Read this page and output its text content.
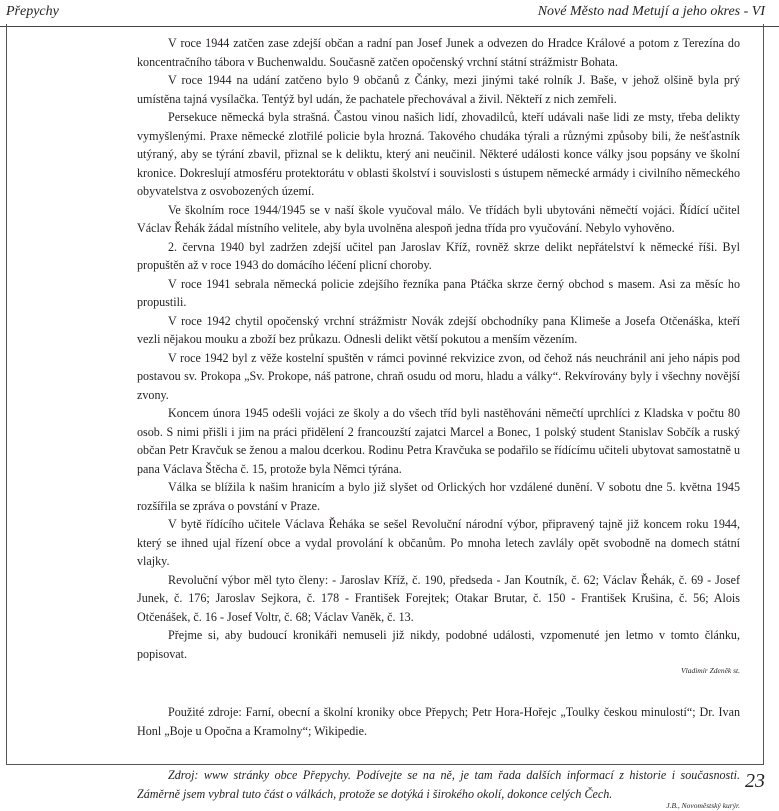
Přepychy	Nové Město nad Metují a jeho okres - VI

V roce 1944 zatčen zase zdejší občan a radní pan Josef Junek a odvezen do Hradce Králové a potom z Terezína do koncentračního tábora v Buchenwaldu. Současně zatčen opočenský vrchní státní strážmistr Bohata.

V roce 1944 na udání zatčeno bylo 9 občanů z Čánky, mezi jinými také rolník J. Baše, v jehož olšině byla prý umístěna tajná vysílačka. Tentýž byl udán, že pachatele přechovával a živil. Někteří z nich zemřeli.

Persekuce německá byla strašná. Častou vinou našich lidí, zhovadilců, kteří udávali naše lidi ze msty, třeba delikty vymyšlenými. Praxe německé zlotřilé policie byla hrozná. Takového chudáka týrali a různými způsoby bili, že nešťastník utýraný, aby se týrání zbavil, přiznal se k deliktu, který ani neučinil. Některé události konce války jsou popsány ve školní kronice. Dokreslují atmosféru protektorátu v oblasti školství i souvislosti s ústupem německé armády i civilního německého obyvatelstva z osvobozených území.

Ve školním roce 1944/1945 se v naší škole vyučoval málo. Ve třídách byli ubytováni němečtí vojáci. Řídící učitel Václav Řehák žádal místního velitele, aby byla uvolněna alespoň jedna třída pro vyučování. Nebylo vyhověno.

2. června 1940 byl zadržen zdejší učitel pan Jaroslav Kříž, rovněž skrze delikt nepřátelství k německé říši. Byl propuštěn až v roce 1943 do domácího léčení plicní choroby.

V roce 1941 sebrala německá policie zdejšího řezníka pana Ptáčka skrze černý obchod s masem. Asi za měsíc ho propustili.

V roce 1942 chytil opočenský vrchní strážmistr Novák zdejší obchodníky pana Klimeše a Josefa Otčenáška, kteří vezli nějakou mouku a zboží bez průkazu. Odnesli delikt větší pokutou a menším vězením.

V roce 1942 byl z věže kostelní spuštěn v rámci povinné rekvizice zvon, od čehož nás neuchránil ani jeho nápis pod postavou sv. Prokopa „Sv. Prokope, náš patrone, chraň osudu od moru, hladu a války“. Rekvírovány byly i všechny novější zvony.

Koncem února 1945 odešli vojáci ze školy a do všech tříd byli nastěhováni němečtí uprchlíci z Kladska v počtu 80 osob. S nimi přišli i jim na práci přidělení 2 francouzští zajatci Marcel a Bonec, 1 polský student Stanislav Sobčík a ruský občan Petr Kravčuk se ženou a malou dcerkou. Rodinu Petra Kravčuka se podařilo se řídícímu učiteli ubytovat samostatně u pana Václava Štěcha č. 15, protože byla Němci týrána.

Válka se blížila k našim hranicím a bylo již slyšet od Orlických hor vzdálené dunění. V sobotu dne 5. května 1945 rozšířila se zpráva o povstání v Praze.

V bytě řídícího učitele Václava Řeháka se sešel Revoluční národní výbor, připravený tajně již koncem roku 1944, který se ihned ujal řízení obce a vydal provolání k občanům. Po mnoha letech zavlály opět svobodně na domech státní vlajky.

Revoluční výbor měl tyto členy: - Jaroslav Kříž, č. 190, předseda - Jan Koutník, č. 62; Václav Řehák, č. 69 - Josef Junek, č. 176; Jaroslav Sejkora, č. 178 - František Forejtek; Otakar Brutar, č. 150 - František Krušina, č. 56; Alois Otčenášek, č. 16 - Josef Voltr, č. 68; Václav Vaněk, č. 13.

Přejme si, aby budoucí kronikáři nemuseli již nikdy, podobné události, vzpomenuté jen letmo v tomto článku, popisovat.

Vladimír Zdeněk st.

Použité zdroje: Farní, obecní a školní kroniky obce Přepych; Petr Hora-Hořejc „Toulky českou minulostí“; Dr. Ivan Honl „Boje u Opočna a Kramolny“; Wikipedie.

Zdroj: www stránky obce Přepychy. Podívejte se na ně, je tam řada dalších informací z historie i současnosti. Záměrně jsem vybral tuto část o válkách, protože se dotýká i širokého okolí, dokonce celých Čech.

J.B., Novoměstský kurýr.
23
